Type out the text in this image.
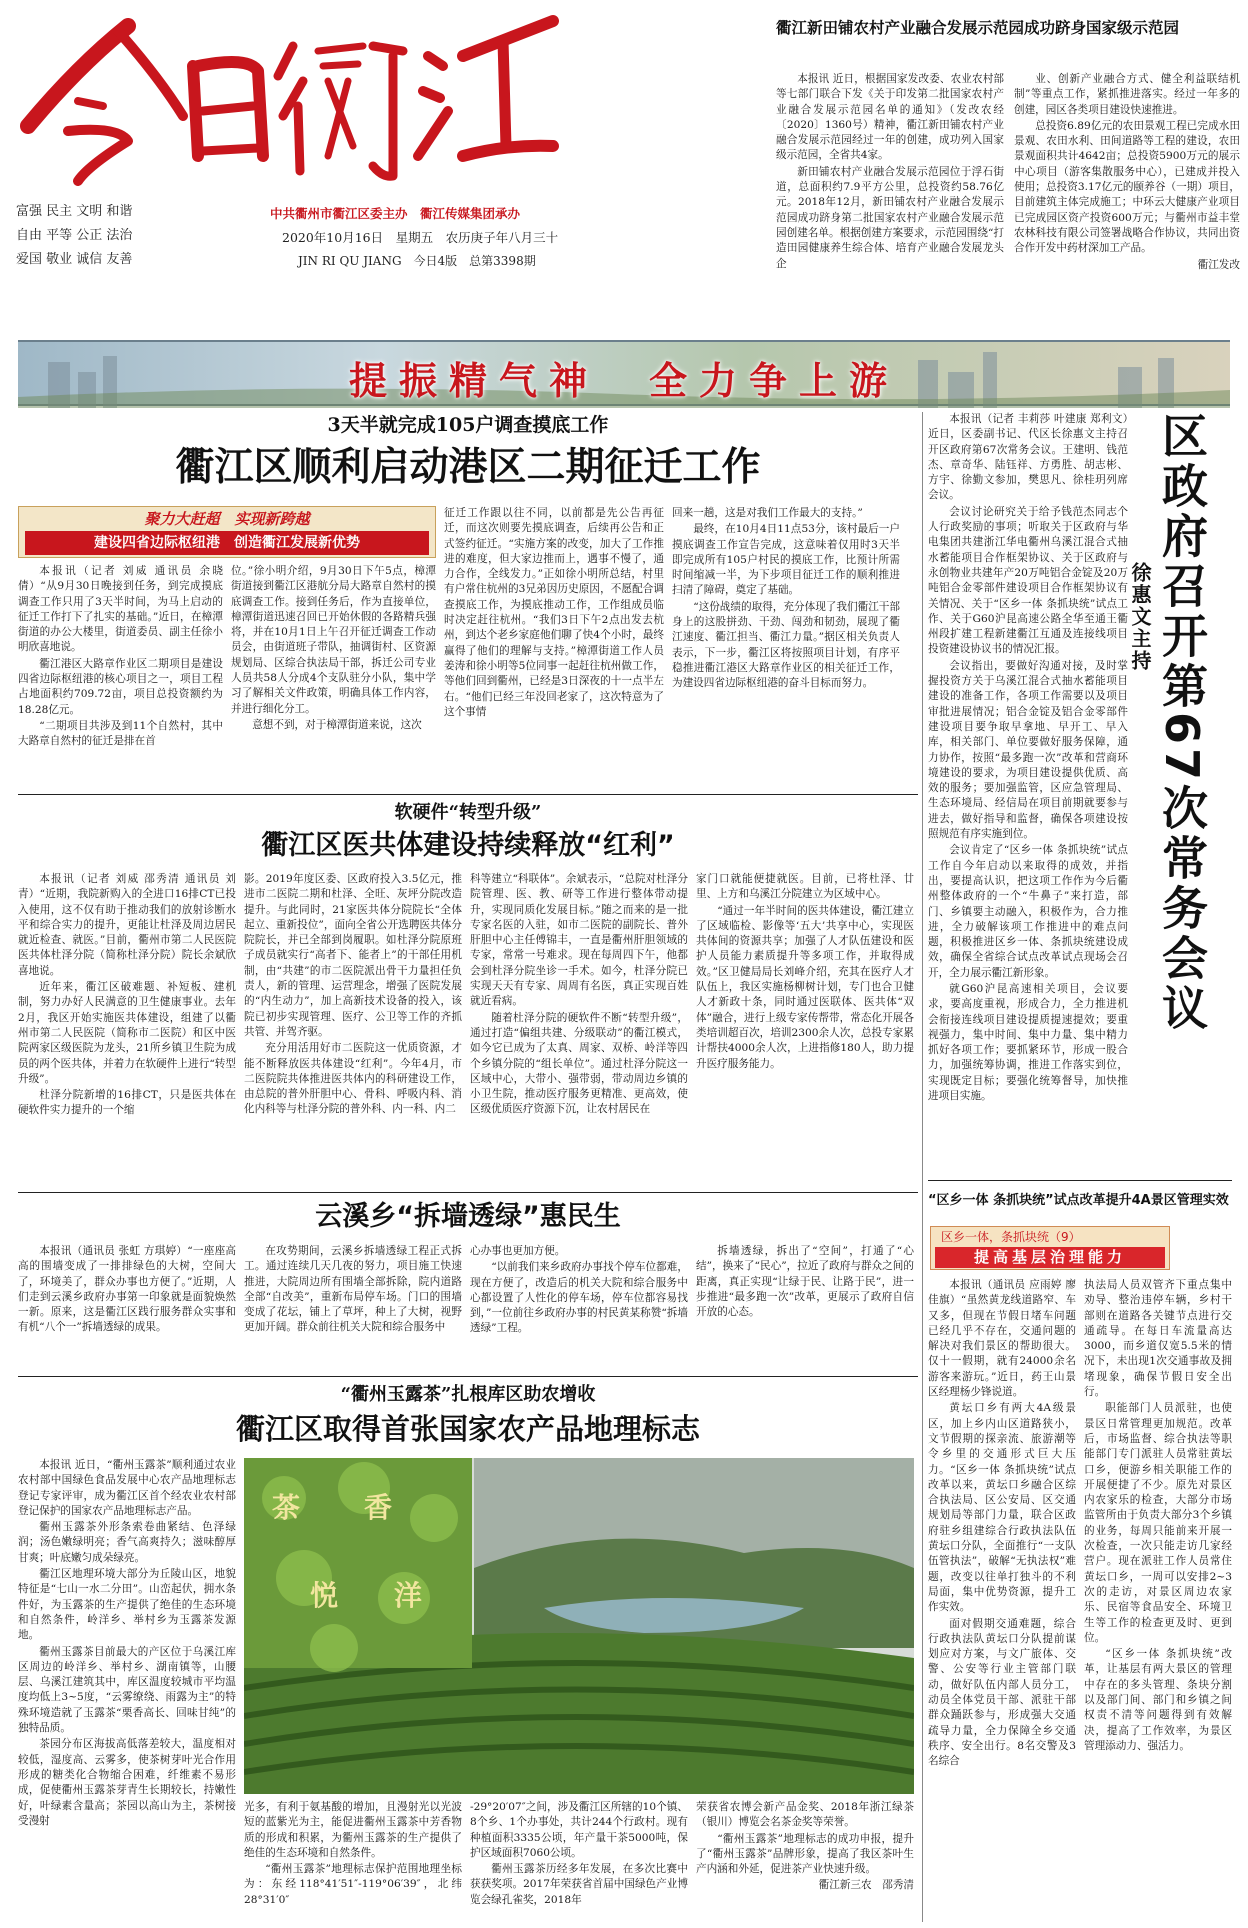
富强 民主 文明 和谐
自由 平等 公正 法治
爱国 敬业 诚信 友善
中共衢州市衢江区委主办　衢江传媒集团承办
2020年10月16日　星期五　农历庚子年八月三十
JIN RI QU JIANG　今日4版　总第3398期
衢江新田铺农村产业融合发展示范园成功跻身国家级示范园

本报讯 近日，根据国家发改委、农业农村部等七部门联合下发《关于印发第二批国家农村产业融合发展示范园名单的通知》（发改农经〔2020〕1360号）精神，衢江新田铺农村产业融合发展示范园经过一年的创建，成功列入国家级示范园，全省共4家。

新田铺农村产业融合发展示范园位于浮石街道，总面积约7.9平方公里，总投资约58.76亿元。2018年12月，新田铺农村产业融合发展示范园成功跻身第二批国家农村产业融合发展示范园创建名单。根据创建方案要求，示范园围绕“打造田园健康养生综合体、培育产业融合发展龙头企

业、创新产业融合方式、健全利益联结机制”等重点工作，紧抓推进落实。经过一年多的创建，园区各类项目建设快速推进。

总投资6.89亿元的农田景观工程已完成水田景观、农田水利、田间道路等工程的建设，农田景观面积共计4642亩；总投资5900万元的展示中心项目（游客集散服务中心），已建成并投入使用；总投资3.17亿元的颐养谷（一期）项目，目前建筑主体完成施工；中环云大健康产业项目已完成园区资产投资600万元；与衢州市益丰堂农林科技有限公司签署战略合作协议，共同出资合作开发中药材深加工产品。

衢江发改

提振精气神　全力争上游
3天半就完成105户调查摸底工作
衢江区顺利启动港区二期征迁工作
聚力大赶超　实现新跨越
建设四省边际枢纽港　创造衢江发展新优势

本报讯（记者 刘威 通讯员 余晓倩）“从9月30日晚接到任务，到完成摸底调查工作只用了3天半时间，为马上启动的征迁工作打下了扎实的基础。”近日，在樟潭街道的办公大楼里，街道委员、副主任徐小明欣喜地说。

衢江港区大路章作业区二期项目是建设四省边际枢纽港的核心项目之一，项目工程占地面积约709.72亩，项目总投资额约为18.28亿元。

“二期项目共涉及到11个自然村，其中大路章自然村的征迁是排在首

位。”徐小明介绍，9月30日下午5点，樟潭街道接到衢江区港航分局大路章自然村的摸底调查工作。接到任务后，作为直接单位，樟潭街道迅速召回已开始休假的各路精兵强将，并在10月1日上午召开征迁调查工作动员会，由街道班子带队，抽调街村、区资源规划局、区综合执法局干部，拆迁公司专业人员共58人分成4个支队驻分小队，集中学习了解相关文件政策，明确具体工作内容，并进行细化分工。

意想不到，对于樟潭街道来说，这次

征迁工作跟以往不同，以前都是先公告再征迁，而这次则要先摸底调查，后续再公告和正式签约征迁。“实施方案的改变，加大了工作推进的难度，但大家边推而上，遇事不慢了，通力合作，全线发力。”正如徐小明所总结，村里有户常住杭州的3兄弟因历史原因，不愿配合调查摸底工作，为摸底推动工作，工作组成员临时决定赶往杭州。“我们3日下午2点出发去杭州，到达个老乡家庭他们聊了快4个小时，最终赢得了他们的理解与支持。”樟潭街道工作人员姜涛和徐小明等5位同事一起赶往杭州做工作，等他们回到衢州，已经是3日深夜的十一点半左右。“他们已经三年没回老家了，这次特意为了这个事情

回来一趟，这是对我们工作最大的支持。”

最终，在10月4日11点53分，该村最后一户摸底调查工作宣告完成，这意味着仅用时3天半即完成所有105户村民的摸底工作，比预计所需时间缩减一半，为下步项目征迁工作的顺利推进扫清了障碍，奠定了基础。

“这份战绩的取得，充分体现了我们衢江干部身上的这股拼劲、干劲、闯劲和韧劲，展现了衢江速度、衢江担当、衢江力量。”据区相关负责人表示，下一步，衢江区将按照项目计划，有序平稳推进衢江港区大路章作业区的相关征迁工作，为建设四省边际枢纽港的奋斗目标而努力。

本报讯（记者 丰莉莎 叶建康 郑利文）近日，区委副书记、代区长徐惠文主持召开区政府第67次常务会议。王建明、钱范杰、章奇华、陆钰祥、方勇胜、胡志彬、方宇、徐勤文参加，樊思凡、徐桂玥列席会议。

会议讨论研究关于给予钱范杰同志个人行政奖励的事项；听取关于区政府与华电集团共建浙江华电衢州乌溪江混合式抽水蓄能项目合作框架协议、关于区政府与永创物业共建年产20万吨铝合金锭及20万吨铝合金零部件建设项目合作框架协议有关情况、关于“区乡一体 条抓块统”试点工作、关于G60沪昆高速公路全华至通王衢州段扩建工程新建衢江互通及连接线项目投资建设协议书的情况汇报。

会议指出，要做好沟通对接，及时掌握投资方关于乌溪江混合式抽水蓄能项目建设的准备工作，各项工作需要以及项目审批进展情况；铝合金锭及铝合金零部件建设项目要争取早拿地、早开工、早入库，相关部门、单位要做好服务保障，通力协作，按照“最多跑一次”改革和营商环境建设的要求，为项目建设提供优质、高效的服务；要加强监管，区应急管理局、生态环境局、经信局在项目前期就要参与进去，做好指导和监督，确保各项建设按照规范有序实施到位。

会议肯定了“区乡一体 条抓块统”试点工作自今年启动以来取得的成效，并指出，要提高认识，把这项工作作为今后衢州整体政府的一个“牛鼻子”来打造，部门、乡镇要主动融入，积极作为，合力推进，全力破解该项工作推进中的难点问题，积极推进区乡一体、条抓块统建设成效，确保全省综合试点改革试点现场会召开，全力展示衢江新形象。

就G60沪昆高速相关项目，会议要求，要高度重视，形成合力，全力推进机会衔接连线项目建设提质提速提效；要重视强力，集中时间、集中力量、集中精力抓好各项工作；要抓紧环节，形成一股合力，加强统筹协调，推进工作落实到位，实现既定目标；要强化统筹督导，加快推进项目实施。

区政府召开第67次常务会议
徐惠文主持
软硬件“转型升级”
衢江区医共体建设持续释放“红利”

本报讯（记者 刘威 邵秀清 通讯员 刘青）“近期，我院新购入的全进口16排CT已投入使用，这不仅有助于推动我们的放射诊断水平和综合实力的提升，更能让杜泽及周边居民就近检查、就医。”目前，衢州市第二人民医院医共体杜泽分院（简称杜泽分院）院长余斌欣喜地说。

近年来，衢江区破难题、补短板、建机制，努力办好人民满意的卫生健康事业。去年2月，我区开始实施医共体建设，组建了以衢州市第二人民医院（简称市二医院）和区中医院两家区级医院为龙头，21所乡镇卫生院为成员的两个医共体，并着力在软硬件上进行“转型升级”。

杜泽分院新增的16排CT，只是医共体在硬软件实力提升的一个缩

影。2019年度区委、区政府投入3.5亿元，推进市二医院二期和杜泽、全旺、灰坪分院改造提升。与此同时，21家医共体分院院长“全体起立、重新投位”，面向全省公开选聘医共体分院院长，并已全部到岗履职。如杜泽分院原班子成员就实行“高者下、能者上”的干部任用机制，由“共建”的市二医院派出骨干力量担任负责人，新的管理、运营理念，增强了医院发展的“内生动力”，加上高新技术设备的投入，该院已初步实现管理、医疗、公卫等工作的齐抓共管、并驾齐驱。

充分用活用好市二医院这一优质资源，才能不断释放医共体建设“红利”。今年4月，市二医院院共体推进医共体内的科研建设工作，由总院的普外肝胆中心、骨科、呼吸内科、消化内科等与杜泽分院的普外科、内一科、内二

科等建立“科联体”。余斌表示，“总院对杜泽分院管理、医、教、研等工作进行整体带动提升，实现同质化发展目标。”随之而来的是一批专家名医的入驻，如市二医院的副院长、普外肝胆中心主任傅锦丰，一直是衢州肝胆领域的专家，常常一号难求。现在每周四下午，他都会到杜泽分院坐诊一手术。如今，杜泽分院已实现天天有专家、周周有名医，真正实现百姓就近看病。

随着杜泽分院的硬软件不断“转型升级”，通过打造“偏组共建、分级联动”的衢江模式，如今它已成为了太真、周家、双桥、岭洋等四个乡镇分院的“组长单位”。通过杜泽分院这一区域中心，大带小、强带弱，带动周边乡镇的小卫生院，推动医疗服务更精准、更高效，使区级优质医疗资源下沉，让农村居民在

家门口就能便捷就医。目前，已将杜泽、廿里、上方和乌溪江分院建立为区域中心。

“通过一年半时间的医共体建设，衢江建立了区域临检、影像等‘五大’共享中心，实现医共体间的资源共享；加强了人才队伍建设和医护人员能力素质提升等多项工作，并取得成效。”区卫健局局长刘峰介绍，充其在医疗人才队伍上，我区实施杨柳树计划，专门也合卫健人才新政十条，同时通过医联体、医共体“双体”融合，进行上级专家传帮带，常态化开展各类培训超百次，培训2300余人次，总投专家累计帮扶4000余人次，上进指修180人，助力提升医疗服务能力。

云溪乡“拆墙透绿”惠民生

本报讯（通讯员 张虹 方琪婷）“一座座高高的围墙变成了一排排绿色的大树，空间大了，环境美了，群众办事也方便了。”近期，人们走到云溪乡政府办事第一印象就是面貌焕然一新。原来，这是衢江区践行服务群众实事和有机“八个一”拆墙透绿的成果。

在攻势期间，云溪乡拆墙透绿工程正式拆工。通过连续几天几夜的努力，项目施工快速推进，大院周边所有围墙全部拆除，院内道路全部“自改美”，重新布局停车场。门口的围墙变成了花坛，铺上了草坪，种上了大树，视野更加开阔。群众前往机关大院和综合服务中

心办事也更加方便。

“以前我们来乡政府办事找个停车位都难，现在方便了，改造后的机关大院和综合服务中心都设置了人性化的停车场，停车位都容易找到，”一位前往乡政府办事的村民黄某称赞“拆墙透绿”工程。

拆墙透绿，拆出了“空间”，打通了“心结”，换来了“民心”，拉近了政府与群众之间的距离，真正实现“让绿于民、让路于民”，进一步推进“最多跑一次”改革，更展示了政府自信开放的心态。

“区乡一体 条抓块统”试点改革提升4A景区管理实效
区乡一体，条抓块统（9）
提高基层治理能力

本报讯（通讯员 应雨婷 廖佳旗）“虽然黄龙线道路窄、车又多，但现在节假日堵车问题已经几乎不存在，交通问题的解决对我们景区的帮助很大。仅十一假期，就有24000余名游客来游玩。”近日，药王山景区经理杨少锋说道。

黄坛口乡有两大4A级景区，加上乡内山区道路狭小，文节假期的探亲流、旅游潮等令乡里的交通形式巨大压力。“区乡一体 条抓块统”试点改革以来，黄坛口乡融合区综合执法局、区公安局、区交通规划局等部门力量，联合区政府驻乡组建综合行政执法队伍黄坛口分队，全面推行“一支队伍管执法”，破解“无执法权”难题，改变以往单打独斗的不利局面，集中优势资源，提升工作实效。

面对假期交通难题，综合行政执法队黄坛口分队提前谋划应对方案，与文广旅体、交警、公安等行业主管部门联动，做好队伍内部人员分工，动员全体党员干部、派驻干部群众踊跃参与，形成强大交通疏导力量，全力保障全乡交通秩序、安全出行。8名交警及3名综合

执法局人员双管齐下重点集中劝导、整治违停车辆，乡村干部则在道路各关键节点进行交通疏导。在每日车流量高达3000，而乡道仅宽5.5米的情况下，未出现1次交通事故及拥堵现象，确保节假日安全出行。

职能部门人员派驻，也使景区日常管理更加规范。改革后，市场监督、综合执法等职能部门专门派驻人员常驻黄坛口乡，便游乡相关职能工作的开展便捷了不少。原先对景区内农家乐的检查，大部分市场监管所由于负责大部分3个乡镇的业务，每周只能前来开展一次检查，一次只能走访几家经营户。现在派驻工作人员常住黄坛口乡，一周可以安排2~3次的走访，对景区周边农家乐、民宿等食品安全、环境卫生等工作的检查更及时、更到位。

“区乡一体 条抓块统”改革，让基层有两大景区的管理中存在的多头管理、条块分割以及部门间、部门和乡镇之间权责不清等问题得到有效解决，提高了工作效率，为景区管理添动力、强活力。

“衢州玉露茶”扎根库区助农增收
衢江区取得首张国家农产品地理标志

本报讯 近日，“衢州玉露茶”顺利通过农业农村部中国绿色食品发展中心农产品地理标志登记专家评审，成为衢江区首个经农业农村部登记保护的国家农产品地理标志产品。

衢州玉露茶外形条索卷曲紧结、色泽绿润；汤色嫩绿明亮；香气高爽持久；滋味醇厚甘爽；叶底嫩匀成朵绿亮。

衢江区地理环境大部分为丘陵山区，地貌特征是“七山一水二分田”。山峦起伏，拥水条件好，为玉露茶的生产提供了绝佳的生态环境和自然条件，岭洋乡、举村乡为玉露茶发源地。

衢州玉露茶目前最大的产区位于乌溪江库区周边的岭洋乡、举村乡、湖南镇等，山腰层、乌溪江建筑其中，库区温度较城市平均温度均低上3~5度，“云雾缭绕、雨露为主”的特殊环境造就了玉露茶“栗香高长、回味甘纯”的独特品质。

茶园分布区海拔高低落差较大，温度相对较低，湿度高、云雾多，使茶树芽叶光合作用形成的糖类化合物缩合困难，纤维素不易形成，促使衢州玉露茶芽青生长期较长，持嫩性好，叶绿素含量高；茶园以高山为主，茶树接受漫射

茶 香
悦 洋

光多，有利于氨基酸的增加，且漫射光以光波短的蓝紫光为主，能促进衢州玉露茶中芳香物质的形成和积累，为衢州玉露茶的生产提供了绝佳的生态环境和自然条件。

“衢州玉露茶”地理标志保护范围地理坐标为：东经118°41′51″-119°06′39″，北纬28°31′0″

-29°20′07″之间，涉及衢江区所辖的10个镇、8个乡、1个办事处，共计244个行政村。现有种植面积3335公顷，年产量干茶5000吨，保护区域面积7060公顷。

衢州玉露茶历经多年发展，在多次比赛中获获奖项。2017年荣获省首届中国绿色产业博览会绿孔雀奖，2018年

荣获省农博会新产品金奖、2018年浙江绿茶（银川）博览会名茶金奖等荣誉。

“衢州玉露茶”地理标志的成功申报，提升了“衢州玉露茶”品牌形象，提高了我区茶叶生产内涵和外延，促进茶产业快速升级。

衢江新三农　邵秀清
